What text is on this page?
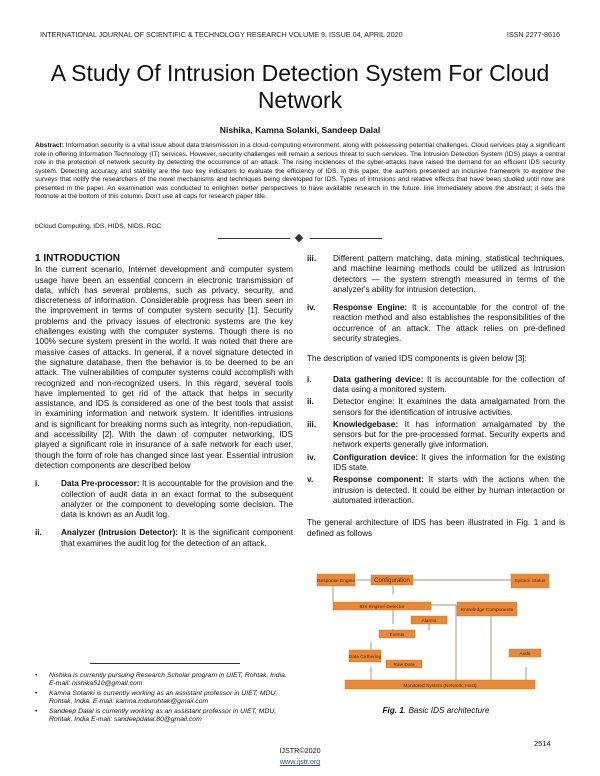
INTERNATIONAL JOURNAL OF SCIENTIFIC & TECHNOLOGY RESEARCH VOLUME 9, ISSUE 04, APRIL 2020	ISSN 2277-8616
A Study Of Intrusion Detection System For Cloud Network
Nishika, Kamna Solanki, Sandeep Dalal
Abstract: Information security is a vital issue about data transmission in a cloud-computing environment, along with possessing potential challenges. Cloud services play a significant role in offering Information Technology (IT) services. However, security challenges will remain a serious threat to such services. The Intrusion Detection System (IDS) plays a central role in the protection of network security by detecting the occurrence of an attack. The rising incidences of the cyber-attacks have raised the demand for an efficient IDS security system. Detecting accuracy and stability are the two key indicators to evaluate the efficiency of IDS. In this paper, the authors presented an inclusive framework to explore the surveys that notify the researchers of the novel mechanisms and techniques being developed for IDS. Types of intrusions and relative effects that have been studied until now are presented in the paper. An examination was conducted to enlighten better perspectives to have available research in the future. line immediately above the abstract; it sets the footnote at the bottom of this column. Don't use all caps for research paper title.
bCloud Computing, IDS, HIDS, NIDS, ROC
1 INTRODUCTION

In the current scenario, Internet development and computer system usage have been an essential concern in electronic transmission of data, which has several problems, such as privacy, security, and discreteness of information. Considerable progress has been seen in the improvement in terms of computer system security [1]. Security problems and the privacy issues of electronic systems are the key challenges existing with the computer systems. Though there is no 100% secure system present in the world. It was noted that there are massive cases of attacks. In general, if a novel signature detected in the signature database, then the behavior is to be deemed to be an attack. The vulnerabilities of computer systems could accomplish with recognized and non-recognized users. In this regard, several tools have implemented to get rid of the attack that helps in security assistance, and IDS is considered as one of the best tools that assist in examining information and network system. It identifies intrusions and is significant for breaking norms such as integrity, non-repudiation, and accessibility [2]. With the dawn of computer networking, IDS played a significant role in insurance of a safe network for each user, though the form of role has changed since last year. Essential intrusion detection components are described below

i.	Data Pre-processor: It is accountable for the provision and the collection of audit data in an exact format to the subsequent analyzer or the component to developing some decision. The data is known as an Audit log.
ii.	Analyzer (Intrusion Detector): It is the significant component that examines the audit log for the detection of an attack.
•	Nishika is currently pursuing Research Scholar program in UIET, Rohtak, India. E-mail: nishika510@gmail.com
•	Kamna Solanki is currently working as an assistant professor in UIET, MDU, Rohtak, India. E-mail: kamna.mdurohtak@gmail.com
•	Sandeep Dalal is currently working as an assistant professor in UIET, MDU, Rohtak, India E-mail: sandeepdalal.80@gmail.com
iii.	Different pattern matching, data mining, statistical techniques, and machine learning methods could be utilized as Intrusion detectors — the system strength measured in terms of the analyzer's ability for intrusion detection.
iv.	Response Engine: It is accountable for the control of the reaction method and also establishes the responsibilities of the occurrence of an attack. The attack relies on pre-defined security strategies.

The description of varied IDS components is given below [3]:

i.	Data gathering device: It is accountable for the collection of data using a monitored system.
ii.	Detector engine: It examines the data amalgamated from the sensors for the identification of intrusive activities.
iii.	Knowledgebase: It has information amalgamated by the sensors but for the pre-processed format. Security experts and network experts generally give information.
iv.	Configuration device: It gives the information for the existing IDS state.
v.	Response component: It starts with the actions when the intrusion is detected. It could be either by human interaction or automated interaction.

The general architecture of IDS has been illustrated in Fig. 1 and is defined as follows

Response Engine	Configuration	System Status
IDS Engine/ Detector
Alarms
Knowledge Components
Events
Data Gathering
Raw Data
Audit
Monitored System (Network, Host)
Fig. 1. Basic IDS architecture
2514
IJSTR©2020
www.ijstr.org
